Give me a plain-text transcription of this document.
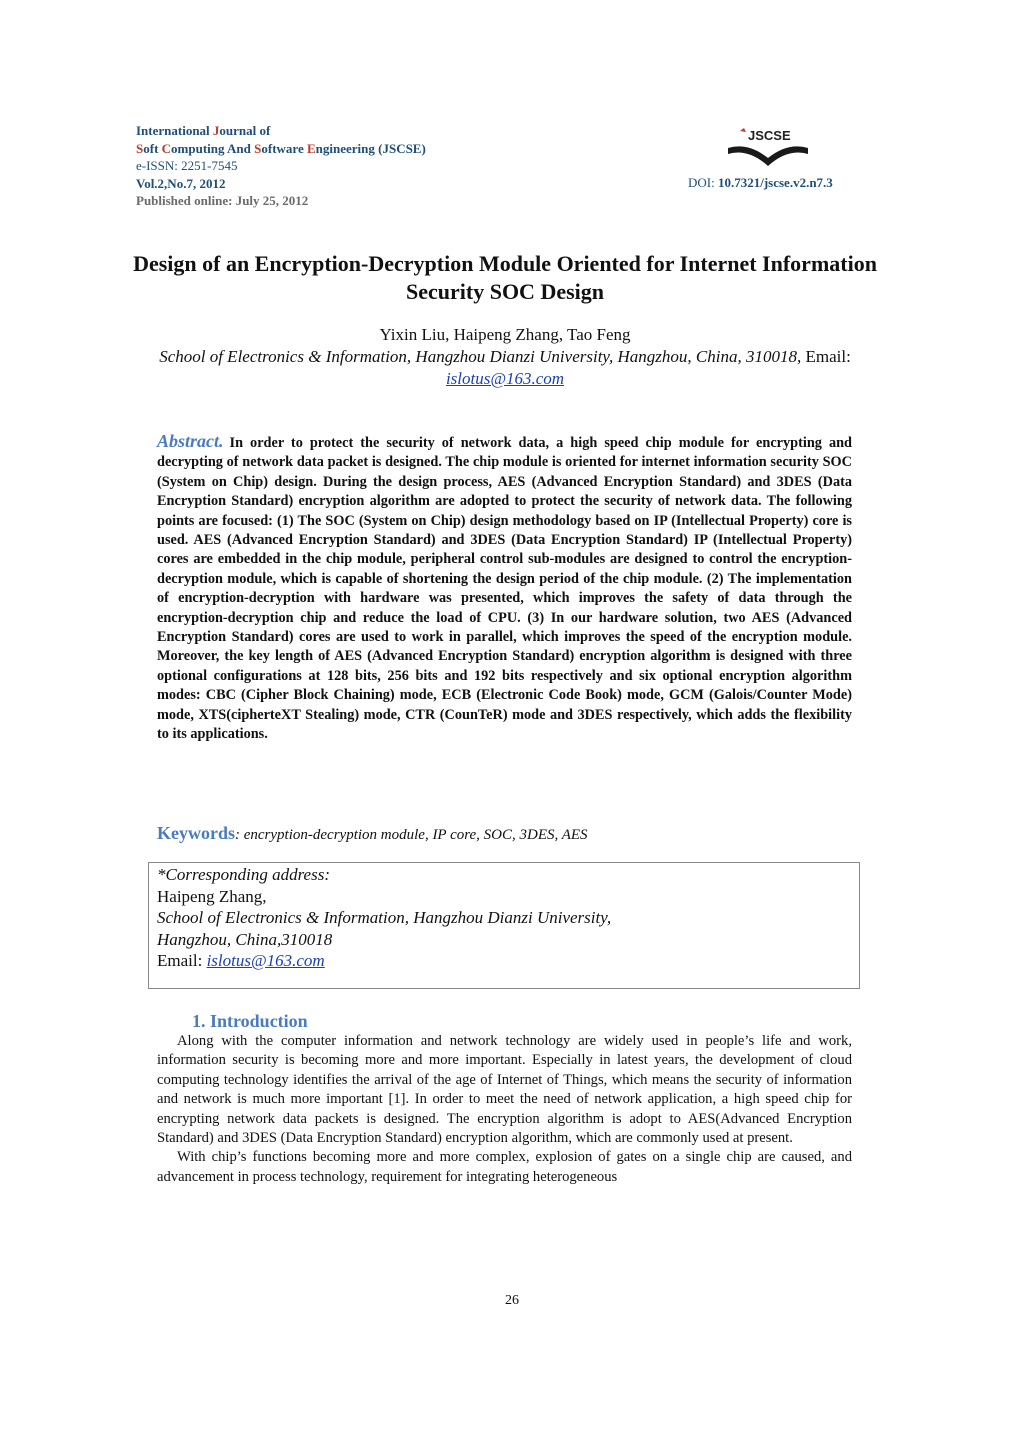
International Journal of
Soft Computing And Software Engineering (JSCSE)
e-ISSN: 2251-7545
Vol.2,No.7, 2012
Published online: July 25, 2012
DOI: 10.7321/jscse.v2.n7.3
JSCSE
Design of an Encryption-Decryption Module Oriented for Internet Information Security SOC Design
Yixin Liu, Haipeng Zhang, Tao Feng
School of Electronics & Information, Hangzhou Dianzi University, Hangzhou, China, 310018, Email: islotus@163.com
Abstract. In order to protect the security of network data, a high speed chip module for encrypting and decrypting of network data packet is designed. The chip module is oriented for internet information security SOC (System on Chip) design. During the design process, AES (Advanced Encryption Standard) and 3DES (Data Encryption Standard) encryption algorithm are adopted to protect the security of network data. The following points are focused: (1) The SOC (System on Chip) design methodology based on IP (Intellectual Property) core is used. AES (Advanced Encryption Standard) and 3DES (Data Encryption Standard) IP (Intellectual Property) cores are embedded in the chip module, peripheral control sub-modules are designed to control the encryption-decryption module, which is capable of shortening the design period of the chip module. (2) The implementation of encryption-decryption with hardware was presented, which improves the safety of data through the encryption-decryption chip and reduce the load of CPU. (3) In our hardware solution, two AES (Advanced Encryption Standard) cores are used to work in parallel, which improves the speed of the encryption module. Moreover, the key length of AES (Advanced Encryption Standard) encryption algorithm is designed with three optional configurations at 128 bits, 256 bits and 192 bits respectively and six optional encryption algorithm modes: CBC (Cipher Block Chaining) mode, ECB (Electronic Code Book) mode, GCM (Galois/Counter Mode) mode, XTS(cipherteXT Stealing) mode, CTR (CounTeR) mode and 3DES respectively, which adds the flexibility to its applications.
Keywords: encryption-decryption module, IP core, SOC, 3DES, AES
*Corresponding address:
Haipeng Zhang,
School of Electronics & Information, Hangzhou Dianzi University,
Hangzhou, China,310018
Email: islotus@163.com
1. Introduction

Along with the computer information and network technology are widely used in people’s life and work, information security is becoming more and more important. Especially in latest years, the development of cloud computing technology identifies the arrival of the age of Internet of Things, which means the security of information and network is much more important [1]. In order to meet the need of network application, a high speed chip for encrypting network data packets is designed. The encryption algorithm is adopt to AES(Advanced Encryption Standard) and 3DES (Data Encryption Standard) encryption algorithm, which are commonly used at present.

With chip’s functions becoming more and more complex, explosion of gates on a single chip are caused, and advancement in process technology, requirement for integrating heterogeneous

26
